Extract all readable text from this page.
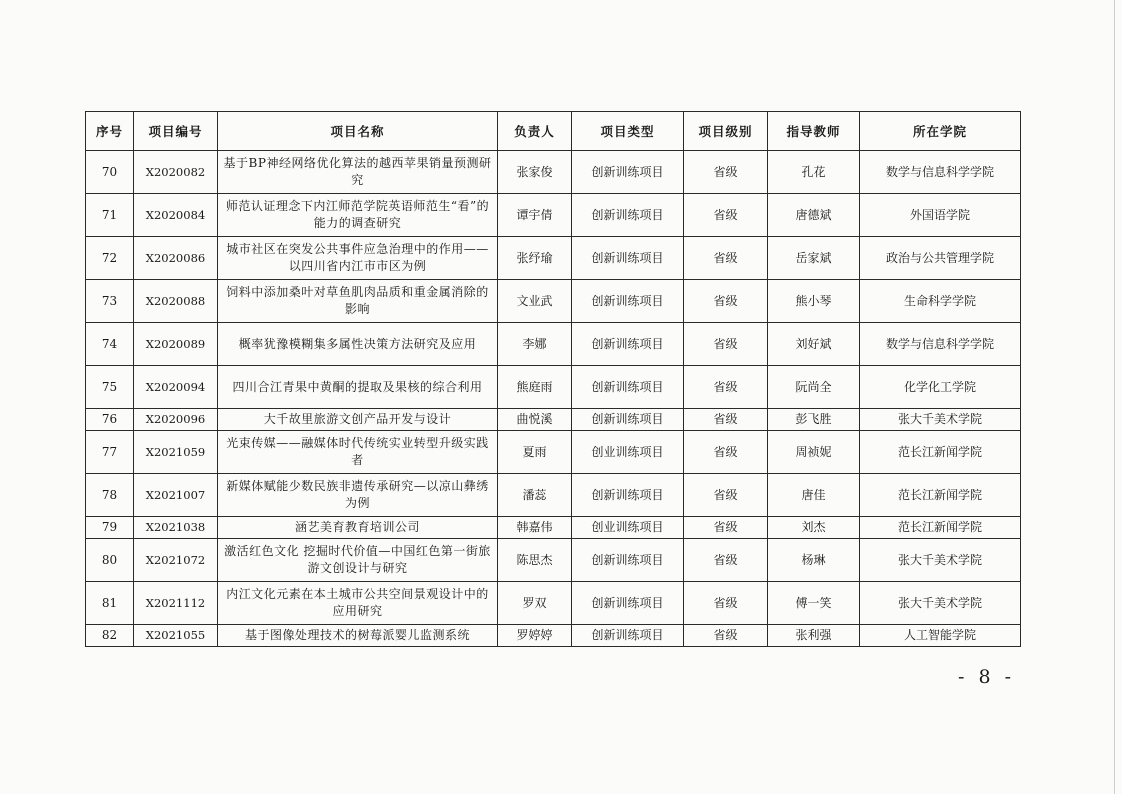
序号	项目编号	项目名称	负责人	项目类型	项目级别	指导教师	所在学院
70	X2020082	基于BP神经网络优化算法的越西苹果销量预测研究	张家俊	创新训练项目	省级	孔花	数学与信息科学学院
71	X2020084	师范认证理念下内江师范学院英语师范生“看”的能力的调查研究	谭宇倩	创新训练项目	省级	唐德斌	外国语学院
72	X2020086	城市社区在突发公共事件应急治理中的作用——以四川省内江市市区为例	张纾瑜	创新训练项目	省级	岳家斌	政治与公共管理学院
73	X2020088	饲料中添加桑叶对草鱼肌肉品质和重金属消除的影响	文业武	创新训练项目	省级	熊小琴	生命科学学院
74	X2020089	概率犹豫模糊集多属性决策方法研究及应用	李娜	创新训练项目	省级	刘好斌	数学与信息科学学院
75	X2020094	四川合江青果中黄酮的提取及果核的综合利用	熊庭雨	创新训练项目	省级	阮尚全	化学化工学院
76	X2020096	大千故里旅游文创产品开发与设计	曲悦溪	创新训练项目	省级	彭飞胜	张大千美术学院
77	X2021059	光束传媒——融媒体时代传统实业转型升级实践者	夏雨	创业训练项目	省级	周祯妮	范长江新闻学院
78	X2021007	新媒体赋能少数民族非遗传承研究—以凉山彝绣为例	潘蕊	创新训练项目	省级	唐佳	范长江新闻学院
79	X2021038	涵艺美育教育培训公司	韩嘉伟	创业训练项目	省级	刘杰	范长江新闻学院
80	X2021072	激活红色文化 挖掘时代价值—中国红色第一街旅游文创设计与研究	陈思杰	创新训练项目	省级	杨琳	张大千美术学院
81	X2021112	内江文化元素在本土城市公共空间景观设计中的应用研究	罗双	创新训练项目	省级	傅一笑	张大千美术学院
82	X2021055	基于图像处理技术的树莓派婴儿监测系统	罗婷婷	创新训练项目	省级	张利强	人工智能学院
- 8 -
